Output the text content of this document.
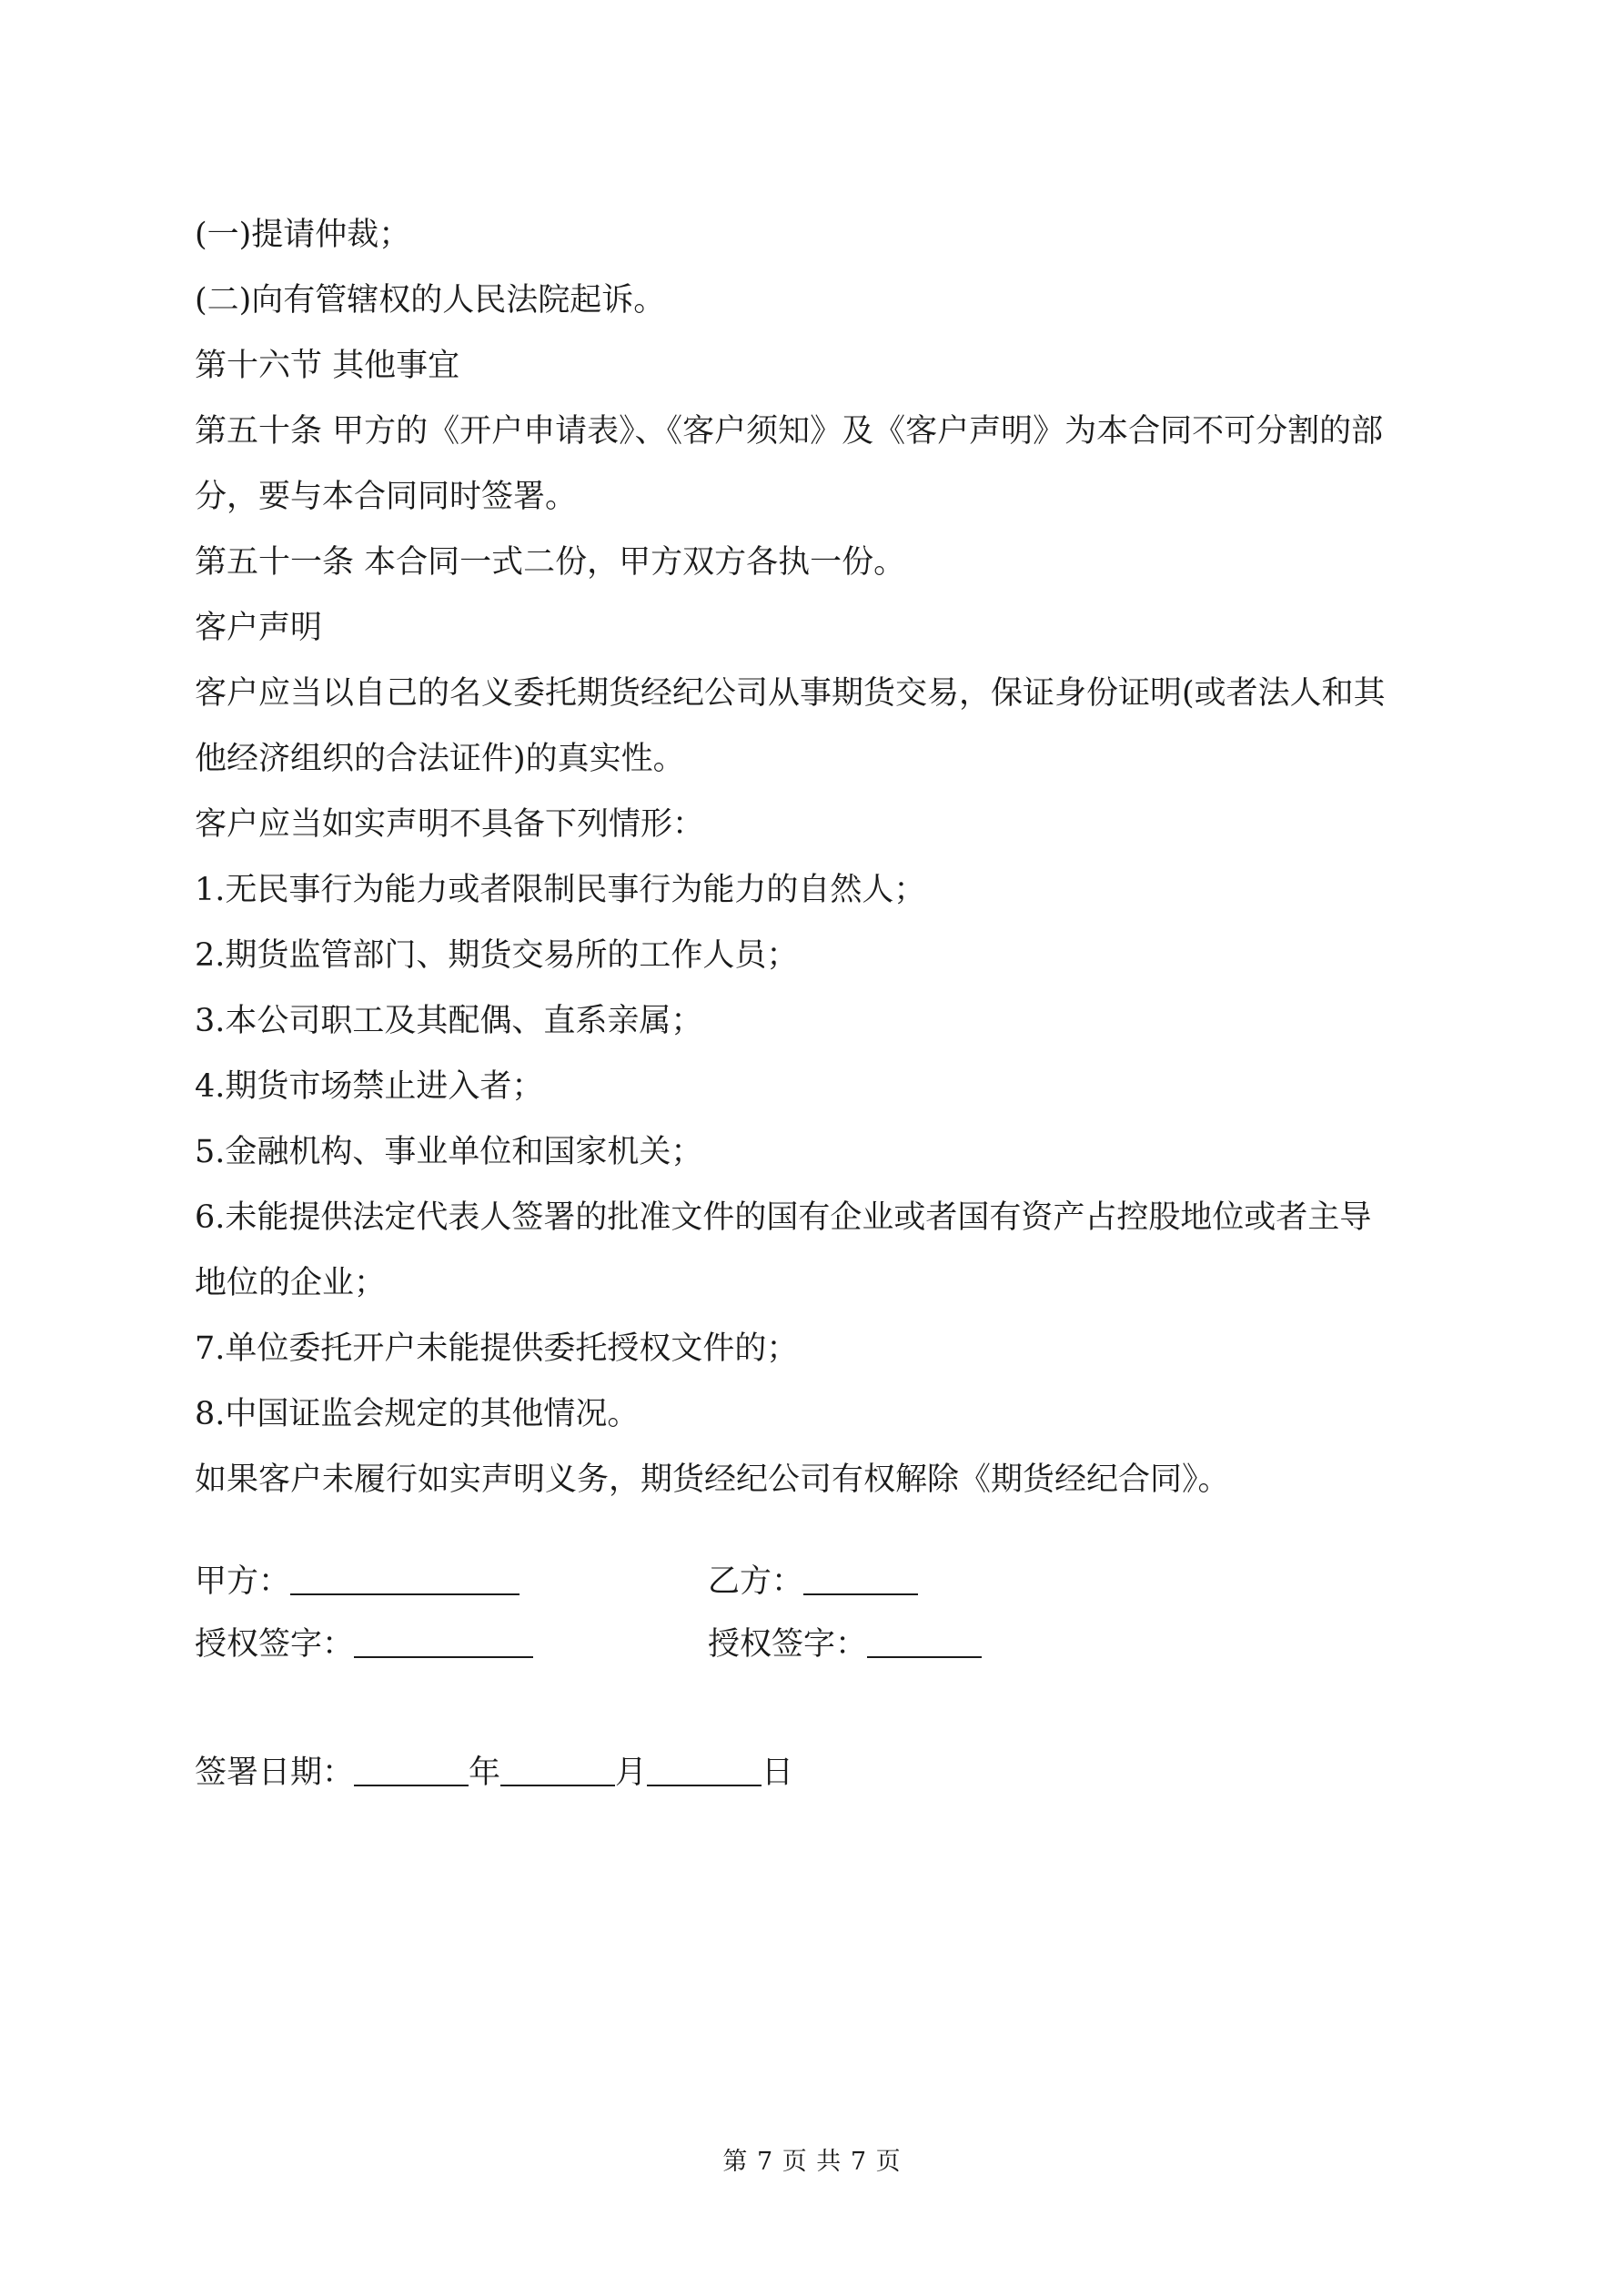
(一)提请仲裁；
(二)向有管辖权的人民法院起诉。
第十六节 其他事宜
第五十条 甲方的《开户申请表》、《客户须知》及《客户声明》为本合同不可分割的部
分，要与本合同同时签署。
第五十一条 本合同一式二份，甲方双方各执一份。
客户声明
客户应当以自己的名义委托期货经纪公司从事期货交易，保证身份证明(或者法人和其
他经济组织的合法证件)的真实性。
客户应当如实声明不具备下列情形：
1.无民事行为能力或者限制民事行为能力的自然人；
2.期货监管部门、期货交易所的工作人员；
3.本公司职工及其配偶、直系亲属；
4.期货市场禁止进入者；
5.金融机构、事业单位和国家机关；
6.未能提供法定代表人签署的批准文件的国有企业或者国有资产占控股地位或者主导
地位的企业；
7.单位委托开户未能提供委托授权文件的；
8.中国证监会规定的其他情况。
如果客户未履行如实声明义务，期货经纪公司有权解除《期货经纪合同》。
甲方：	乙方：
授权签字：	授权签字：
签署日期：	年	月	日
第 7 页 共 7 页
